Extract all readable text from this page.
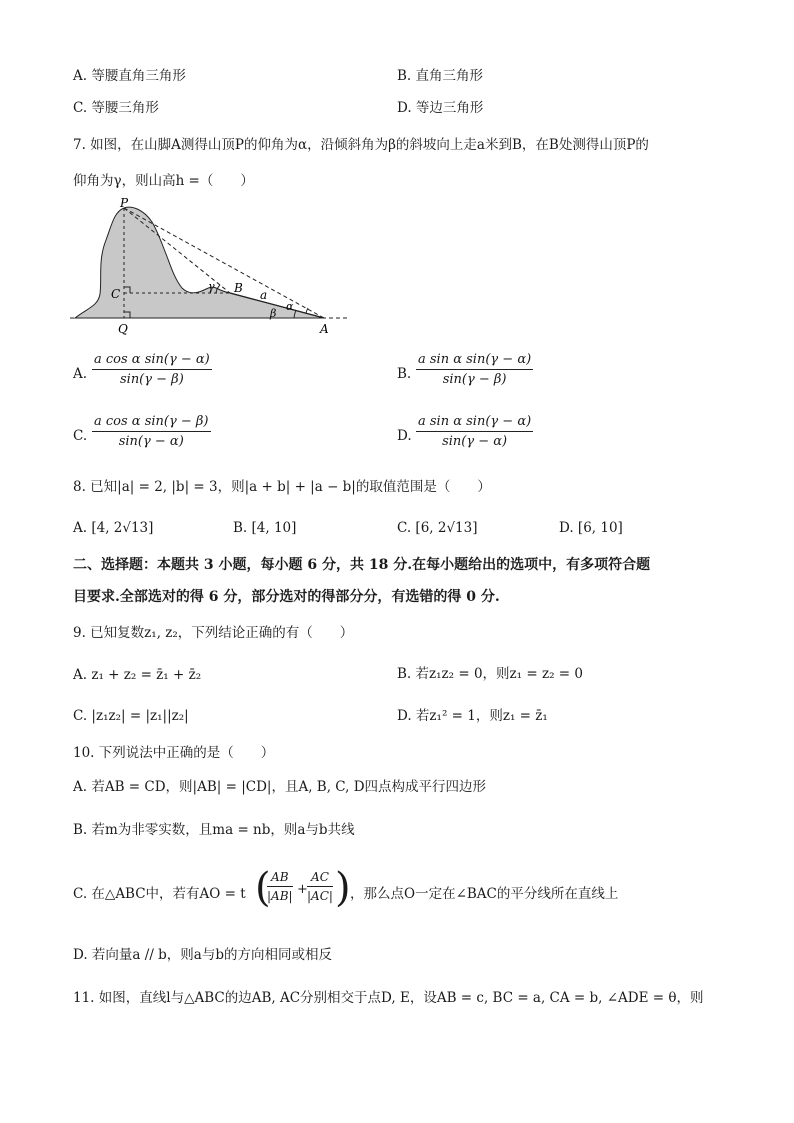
A. 等腰直角三角形	B. 直角三角形
C. 等腰三角形	D. 等边三角形
7. 如图，在山脚A测得山顶P的仰角为α，沿倾斜角为β的斜坡向上走a米到B，在B处测得山顶P的
仰角为γ，则山高h =（　　）
P
C
Q
B a
γ
α
β
A
A. $\frac{\text{a cos α sin(γ − α)}}{\sin(\gamma - \beta)}$	B. $\frac{\text{a sin α sin(γ − α)}}{\sin(\gamma - \beta)}$
C. $\frac{\text{a cos α sin(γ − β)}}{\sin(\gamma - \alpha)}$	D. $\frac{\text{a sin α sin(γ − α)}}{\sin(\gamma - \alpha)}$
8. 已知|a| = 2, |b| = 3，则|a + b| + |a − b|的取值范围是（　　）
A. [4, 2√13]	B. [4, 10]	C. [6, 2√13]	D. [6, 10]
二、选择题：本题共 3 小题，每小题 6 分，共 18 分.在每小题给出的选项中，有多项符合题
目要求.全部选对的得 6 分，部分选对的得部分分，有选错的得 0 分.
9. 已知复数z₁, z₂，下列结论正确的有（　　）
A. z₁ + z₂ = z̄₁ + z̄₂	B. 若z₁z₂ = 0，则z₁ = z₂ = 0
C. |z₁z₂| = |z₁||z₂|	D. 若z₁² = 1，则z₁ = z̄₁
10. 下列说法中正确的是（　　）
A. 若AB = CD，则|AB| = |CD|，且A, B, C, D四点构成平行四边形
B. 若m为非零实数，且ma = nb，则a与b共线
C. 在△ABC中，若有AO = t (
$\frac{AB}{|AB|} + \frac{AC}{|AC|}$ ) ，那么点O一定在∠BAC的平分线所在直线上
D. 若向量a // b，则a与b的方向相同或相反
11. 如图，直线l与△ABC的边AB, AC分别相交于点D, E，设AB = c, BC = a, CA = b, ∠ADE = θ，则
